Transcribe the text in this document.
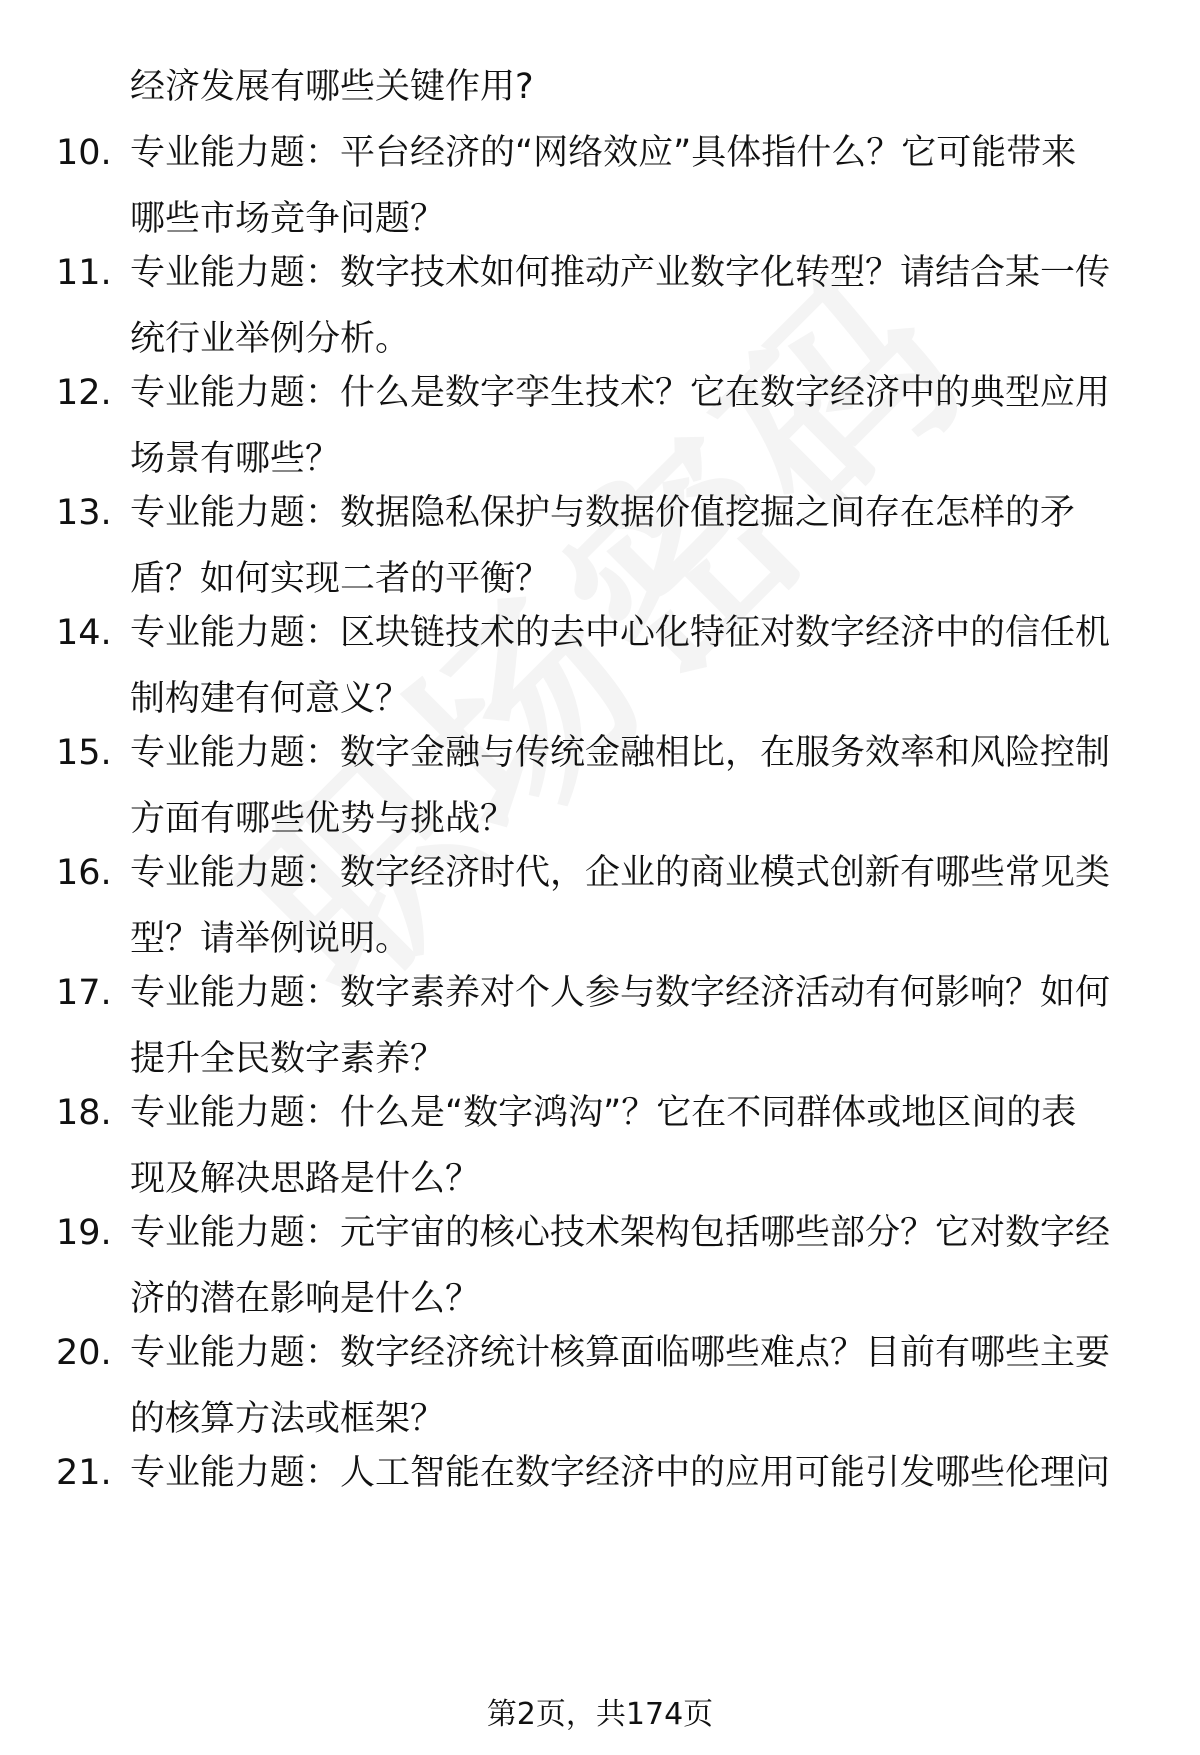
经济发展有哪些关键作用?
10. 专业能力题：平台经济的“网络效应”具体指什么？它可能带来
哪些市场竞争问题？
11. 专业能力题：数字技术如何推动产业数字化转型？请结合某一传
统行业举例分析。
12. 专业能力题：什么是数字孪生技术？它在数字经济中的典型应用
场景有哪些？
13. 专业能力题：数据隐私保护与数据价值挖掘之间存在怎样的矛
盾？如何实现二者的平衡？
14. 专业能力题：区块链技术的去中心化特征对数字经济中的信任机
制构建有何意义？
15. 专业能力题：数字金融与传统金融相比，在服务效率和风险控制
方面有哪些优势与挑战？
16. 专业能力题：数字经济时代，企业的商业模式创新有哪些常见类
型？请举例说明。
17. 专业能力题：数字素养对个人参与数字经济活动有何影响？如何
提升全民数字素养？
18. 专业能力题：什么是“数字鸿沟”？它在不同群体或地区间的表
现及解决思路是什么？
19. 专业能力题：元宇宙的核心技术架构包括哪些部分？它对数字经
济的潜在影响是什么？
20. 专业能力题：数字经济统计核算面临哪些难点？目前有哪些主要
的核算方法或框架？
21. 专业能力题：人工智能在数字经济中的应用可能引发哪些伦理问
第2页，共174页
